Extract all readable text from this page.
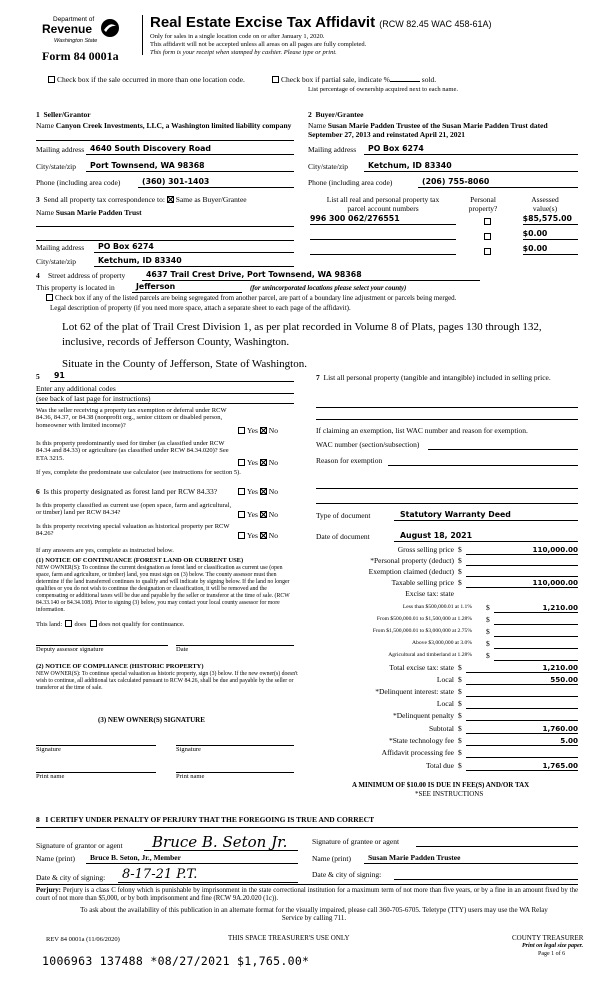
Department of
Revenue
Washington State
Form 84 0001a
Real Estate Excise Tax Affidavit (RCW 82.45 WAC 458-61A)
Only for sales in a single location code on or after January 1, 2020.
This affidavit will not be accepted unless all areas on all pages are fully completed.
This form is your receipt when stamped by cashier. Please type or print.
Check box if the sale occurred in more than one location code.	Check box if partial sale, indicate %	sold.
List percentage of ownership acquired next to each name.
1 Seller/Grantor
Name Canyon Creek Investments, LLC, a Washington limited liability company
Mailing address 4640 South Discovery Road
City/state/zip	Port Townsend, WA 98368
Phone (including area code)	(360) 301-1403
2 Buyer/Grantee
Name Susan Marie Padden Trustee of the Susan Marie Padden Trust dated September 27, 2013 and reinstated April 21, 2021
Mailing address	PO Box 6274
City/state/zip	Ketchum, ID 83340
Phone (including area code)	(206) 755-8060
3 Send all property tax correspondence to: Same as Buyer/Grantee
Name Susan Marie Padden Trust
Mailing address	PO Box 6274
City/state/zip	Ketchum, ID 83340
List all real and personal property tax parcel account numbers
Personal property?
Assessed value(s)
996 300 062/276551	$85,575.00
$0.00
$0.00
4	Street address of property	4637 Trail Crest Drive, Port Townsend, WA 98368
This property is located in	Jefferson	(for unincorporated locations please select your county)
Check box if any of the listed parcels are being segregated from another parcel, are part of a boundary line adjustment or parcels being merged.
Legal description of property (if you need more space, attach a separate sheet to each page of the affidavit).
Lot 62 of the plat of Trail Crest Division 1, as per plat recorded in Volume 8 of Plats, pages 130 through 132, inclusive, records of Jefferson County, Washington.
Situate in the County of Jefferson, State of Washington.
5	91
Enter any additional codes
(see back of last page for instructions)
Was the seller receiving a property tax exemption or deferral under RCW 84.36, 84.37, or 84.38 (nonprofit org., senior citizen or disabled person, homeowner with limited income)?
Yes No
Is this property predominantly used for timber (as classified under RCW 84.34 and 84.33) or agriculture (as classified under RCW 84.34.020)? See ETA 3215.	Yes No
If yes, complete the predominate use calculator (see instructions for section 5).
6 Is this property designated as forest land per RCW 84.33?	Yes No
Is this property classified as current use (open space, farm and agricultural, or timber) land per RCW 84.34?	Yes No
Is this property receiving special valuation as historical property per RCW 84.26?	Yes No
If any answers are yes, complete as instructed below.
(1) NOTICE OF CONTINUANCE (FOREST LAND OR CURRENT USE)
NEW OWNER(S): To continue the current designation as forest land or classification as current use (open space, farm and agriculture, or timber) land, you must sign on (3) below. The county assessor must then determine if the land transferred continues to qualify and will indicate by signing below. If the land no longer qualifies or you do not wish to continue the designation or classification, it will be removed and the compensating or additional taxes will be due and payable by the seller or transferor at the time of sale. (RCW 84.33.140 or 84.34.108). Prior to signing (3) below, you may contact your local county assessor for more information.
This land: does does not qualify for continuance.
Deputy assessor signature	Date
(2) NOTICE OF COMPLIANCE (HISTORIC PROPERTY)
NEW OWNER(S): To continue special valuation as historic property, sign (3) below. If the new owner(s) doesn't wish to continue, all additional tax calculated pursuant to RCW 84.26, shall be due and payable by the seller or transferor at the time of sale.
(3) NEW OWNER(S) SIGNATURE
Signature	Signature
Print name	Print name
7 List all personal property (tangible and intangible) included in selling price.
If claiming an exemption, list WAC number and reason for exemption.
WAC number (section/subsection)
Reason for exemption
Type of document	Statutory Warranty Deed
Date of document	August 18, 2021
Gross selling price $	110,000.00
*Personal property (deduct) $
Exemption claimed (deduct) $
Taxable selling price $	110,000.00
Excise tax: state
Less than $500,000.01 at 1.1% $	1,210.00
From $500,000.01 to $1,500,000 at 1.28% $
From $1,500,000.01 to $3,000,000 at 2.75% $
Above $3,000,000 at 3.0% $
Agricultural and timberland at 1.28% $
Total excise tax: state $	1,210.00
Local $	550.00
*Delinquent interest: state $
Local $
*Delinquent penalty $
Subtotal $	1,760.00
*State technology fee $	5.00
Affidavit processing fee $
Total due $	1,765.00
A MINIMUM OF $10.00 IS DUE IN FEE(S) AND/OR TAX
*SEE INSTRUCTIONS
8 I CERTIFY UNDER PENALTY OF PERJURY THAT THE FOREGOING IS TRUE AND CORRECT
Signature of grantor or agent	Bruce B. Seton Jr.	Signature of grantee or agent
Name (print)	Bruce B. Seton, Jr., Member	Name (print)	Susan Marie Padden Trustee
Date & city of signing:	8-17-21 P.T.	Date & city of signing:
Perjury: Perjury is a class C felony which is punishable by imprisonment in the state correctional institution for a maximum term of not more than five years, or by a fine in an amount fixed by the court of not more than $5,000, or by both imprisonment and fine (RCW 9A.20.020 (1c)).
To ask about the availability of this publication in an alternate format for the visually impaired, please call 360-705-6705. Teletype (TTY) users may use the WA Relay Service by calling 711.
REV 84 0001a (11/06/2020)	THIS SPACE TREASURER'S USE ONLY	COUNTY TREASURER
Print on legal size paper.
Page 1 of 6
1006963 137488 *08/27/2021 $1,765.00*
